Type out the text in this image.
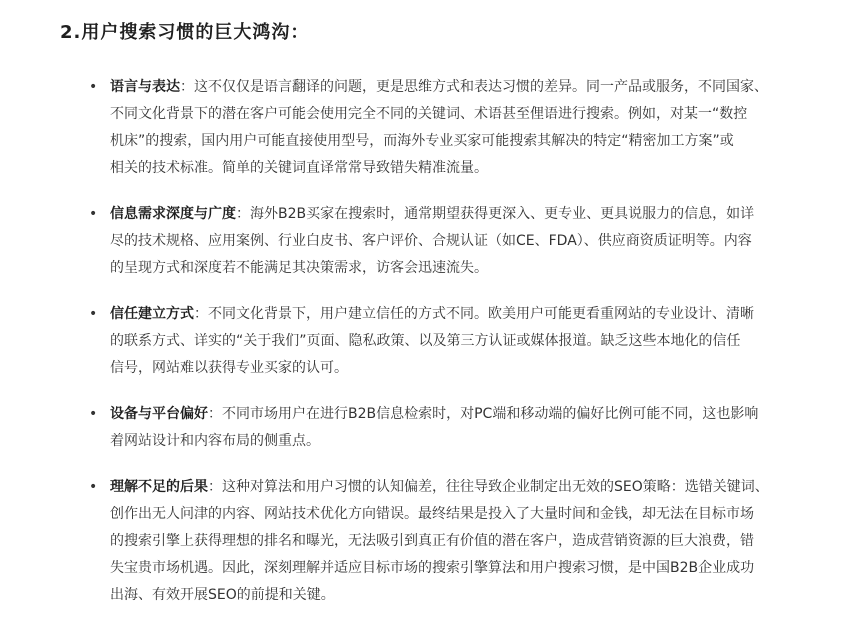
2.用户搜索习惯的巨大鸿沟：
• 语言与表达：这不仅仅是语言翻译的问题，更是思维方式和表达习惯的差异。同一产品或服务，不同国家、
不同文化背景下的潜在客户可能会使用完全不同的关键词、术语甚至俚语进行搜索。例如，对某一“数控
机床”的搜索，国内用户可能直接使用型号，而海外专业买家可能搜索其解决的特定“精密加工方案”或
相关的技术标准。简单的关键词直译常常导致错失精准流量。
• 信息需求深度与广度：海外B2B买家在搜索时，通常期望获得更深入、更专业、更具说服力的信息，如详
尽的技术规格、应用案例、行业白皮书、客户评价、合规认证（如CE、FDA）、供应商资质证明等。内容
的呈现方式和深度若不能满足其决策需求，访客会迅速流失。
• 信任建立方式：不同文化背景下，用户建立信任的方式不同。欧美用户可能更看重网站的专业设计、清晰
的联系方式、详实的“关于我们”页面、隐私政策、以及第三方认证或媒体报道。缺乏这些本地化的信任
信号，网站难以获得专业买家的认可。
• 设备与平台偏好：不同市场用户在进行B2B信息检索时，对PC端和移动端的偏好比例可能不同，这也影响
着网站设计和内容布局的侧重点。
• 理解不足的后果：这种对算法和用户习惯的认知偏差，往往导致企业制定出无效的SEO策略：选错关键词、
创作出无人问津的内容、网站技术优化方向错误。最终结果是投入了大量时间和金钱，却无法在目标市场
的搜索引擎上获得理想的排名和曝光，无法吸引到真正有价值的潜在客户，造成营销资源的巨大浪费，错
失宝贵市场机遇。因此，深刻理解并适应目标市场的搜索引擎算法和用户搜索习惯，是中国B2B企业成功
出海、有效开展SEO的前提和关键。
